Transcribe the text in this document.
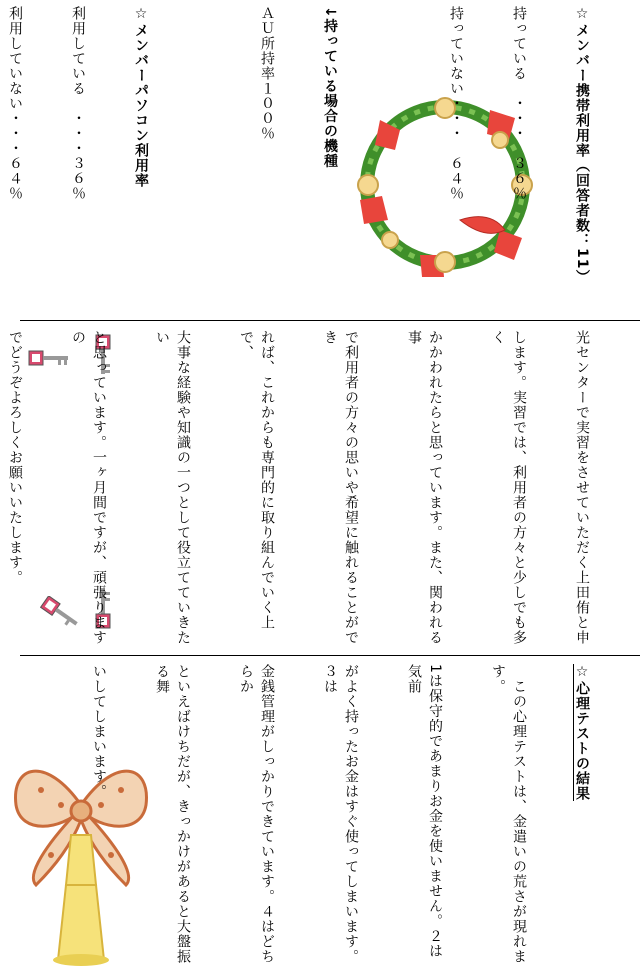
☆メンバー携帯利用率（回答者数：11）

持っている　・・・　３６％

持っていない・・・　６４％

↓持っている場合の機種

ＡＵ所持率１００％

☆メンバーパソコン利用率

利用している　・・・３６％

利用していない・・・６４％

光センターで実習をさせていただく上田侑と申

します。実習では、利用者の方々と少しでも多く

かかわれたらと思っています。また、関われる事

で利用者の方々の思いや希望に触れることができ

れば、これからも専門的に取り組んでいく上で、

大事な経験や知識の一つとして役立てていきたい

と思っています。一ヶ月間ですが、頑張りますの

でどうぞよろしくお願いいたします。

☆心理テストの結果

　この心理テストは、金遣いの荒さが現れます。

1は保守的であまりお金を使いません。２は気前

がよく持ったお金はすぐ使ってしまいます。３は

金銭管理がしっかりできています。４はどちらか

といえばけちだが、きっかけがあると大盤振る舞

いしてしまいます。
